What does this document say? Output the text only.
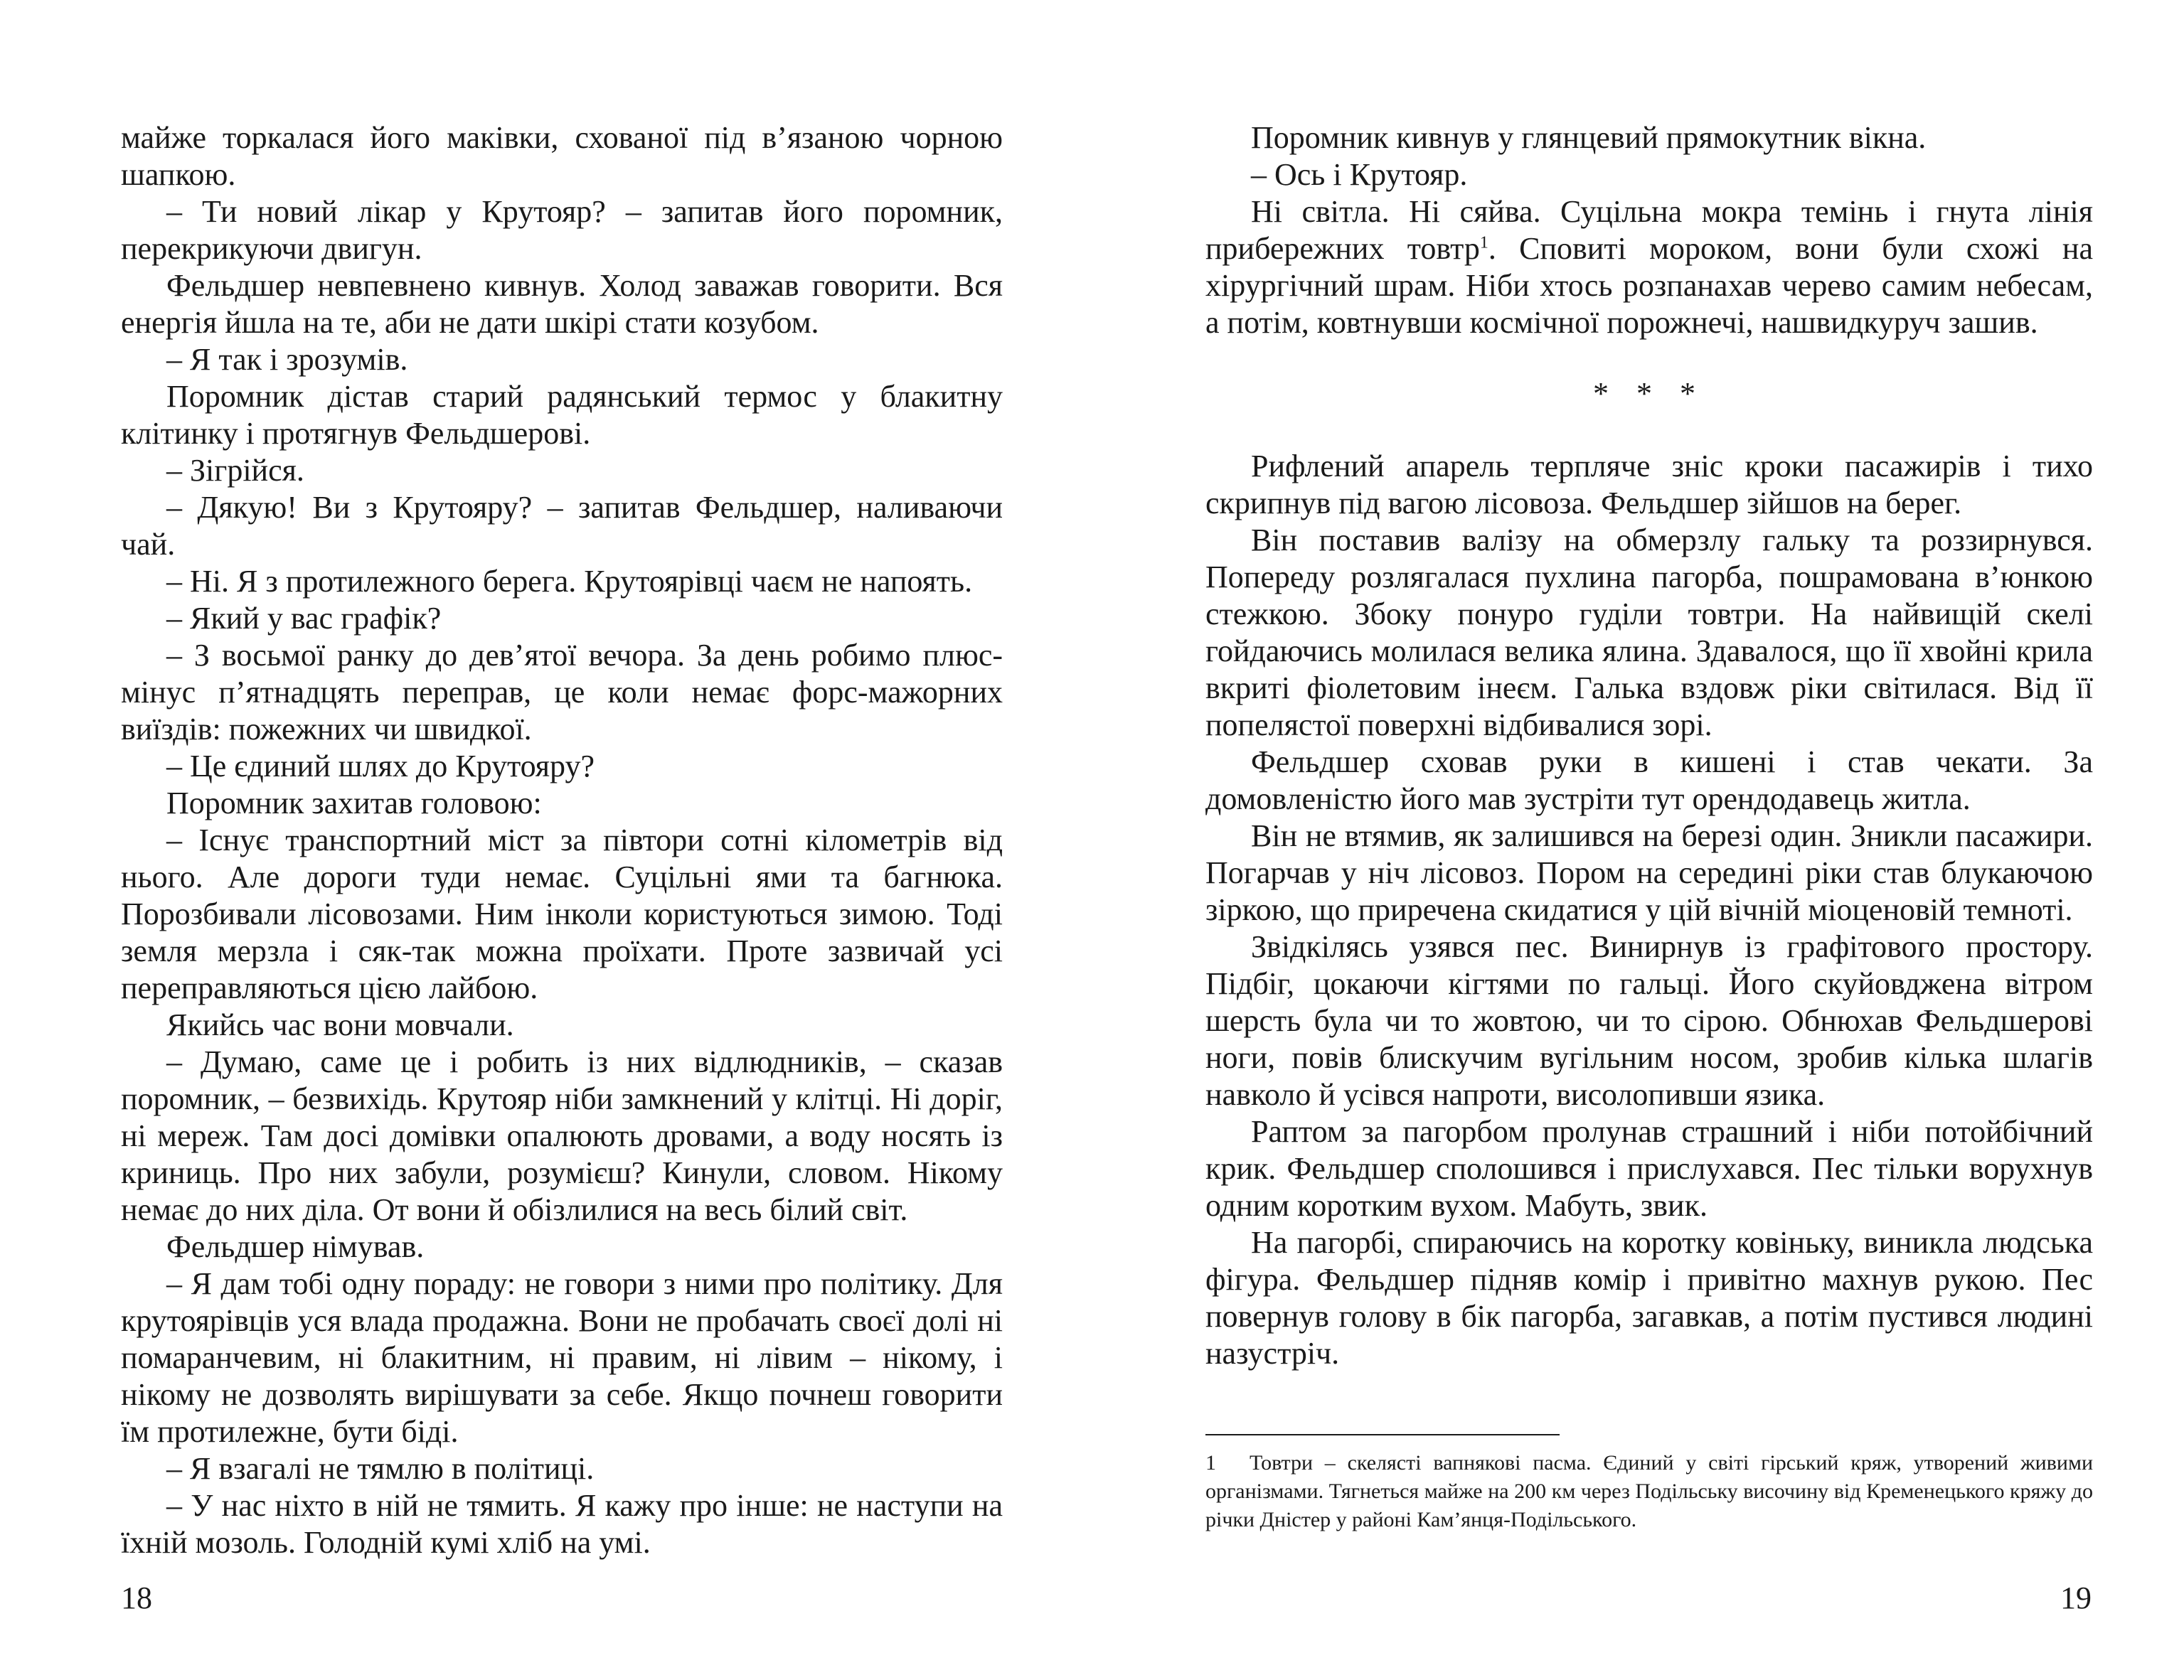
майже торкалася його маківки, схованої під в’язаною чорною шапкою.

– Ти новий лікар у Крутояр? – запитав його поромник, перекрикуючи двигун.

Фельдшер невпевнено кивнув. Холод заважав говорити. Вся енергія йшла на те, аби не дати шкірі стати козубом.

– Я так і зрозумів.

Поромник дістав старий радянський термос у блакитну клітинку і протягнув Фельдшерові.

– Зігрійся.

– Дякую! Ви з Крутояру? – запитав Фельдшер, наливаючи чай.

– Ні. Я з протилежного берега. Крутоярівці чаєм не напоять.

– Який у вас графік?

– З восьмої ранку до дев’ятої вечора. За день робимо плюс-мінус п’ятнадцять переправ, це коли немає форс-мажорних виїздів: пожежних чи швидкої.

– Це єдиний шлях до Крутояру?

Поромник захитав головою:

– Існує транспортний міст за півтори сотні кілометрів від нього. Але дороги туди немає. Суцільні ями та багнюка. Порозбивали лісовозами. Ним інколи користуються зимою. Тоді земля мерзла і сяк-так можна проїхати. Проте зазвичай усі переправляються цією лайбою.

Якийсь час вони мовчали.

– Думаю, саме це і робить із них відлюдників, – сказав поромник, – безвихідь. Крутояр ніби замкнений у клітці. Ні доріг, ні мереж. Там досі домівки опалюють дровами, а воду носять із криниць. Про них забули, розумієш? Кинули, словом. Нікому немає до них діла. От вони й обізлилися на весь білий світ.

Фельдшер німував.

– Я дам тобі одну пораду: не говори з ними про політику. Для крутоярівців уся влада продажна. Вони не пробачать своєї долі ні помаранчевим, ні блакитним, ні правим, ні лівим – нікому, і нікому не дозволять вирішувати за себе. Якщо почнеш говорити їм протилежне, бути біді.

– Я взагалі не тямлю в політиці.

– У нас ніхто в ній не тямить. Я кажу про інше: не наступи на їхній мозоль. Голодній кумі хліб на умі.

18

Поромник кивнув у глянцевий прямокутник вікна.

– Ось і Крутояр.

Ні світла. Ні сяйва. Суцільна мокра темінь і гнута лінія прибережних товтр$^1$. Сповиті мороком, вони були схожі на хірургічний шрам. Ніби хтось розпанахав черево самим небесам, а потім, ковтнувши космічної порожнечі, нашвидкуруч зашив.

* * *

Рифлений апарель терпляче зніс кроки пасажирів і тихо скрипнув під вагою лісовоза. Фельдшер зійшов на берег.

Він поставив валізу на обмерзлу гальку та роззирнувся. Попереду розлягалася пухлина пагорба, пошрамована в’юнкою стежкою. Збоку понуро гуділи товтри. На найвищій скелі гойдаючись молилася велика ялина. Здавалося, що її хвойні крила вкриті фіолетовим інеєм. Галька вздовж ріки світилася. Від її попелястої поверхні відбивалися зорі.

Фельдшер сховав руки в кишені і став чекати. За домовленістю його мав зустріти тут орендодавець житла.

Він не втямив, як залишився на березі один. Зникли пасажири. Погарчав у ніч лісовоз. Пором на середині ріки став блукаючою зіркою, що приречена скидатися у цій вічній міоценовій темноті.

Звідкілясь узявся пес. Винирнув із графітового простору. Підбіг, цокаючи кігтями по гальці. Його скуйовджена вітром шерсть була чи то жовтою, чи то сірою. Обнюхав Фельдшерові ноги, повів блискучим вугільним носом, зробив кілька шлагів навколо й усівся напроти, висолопивши язика.

Раптом за пагорбом пролунав страшний і ніби потойбічний крик. Фельдшер сполошився і прислухався. Пес тільки ворухнув одним коротким вухом. Мабуть, звик.

На пагорбі, спираючись на коротку ковіньку, виникла людська фігура. Фельдшер підняв комір і привітно махнув рукою. Пес повернув голову в бік пагорба, загавкав, а потім пустився людині назустріч.

1 Товтри – скелясті вапнякові пасма. Єдиний у світі гірський кряж, утворений живими організмами. Тягнеться майже на 200 км через Подільську височину від Кременецького кряжу до річки Дністер у районі Кам’янця-Подільського.
19
